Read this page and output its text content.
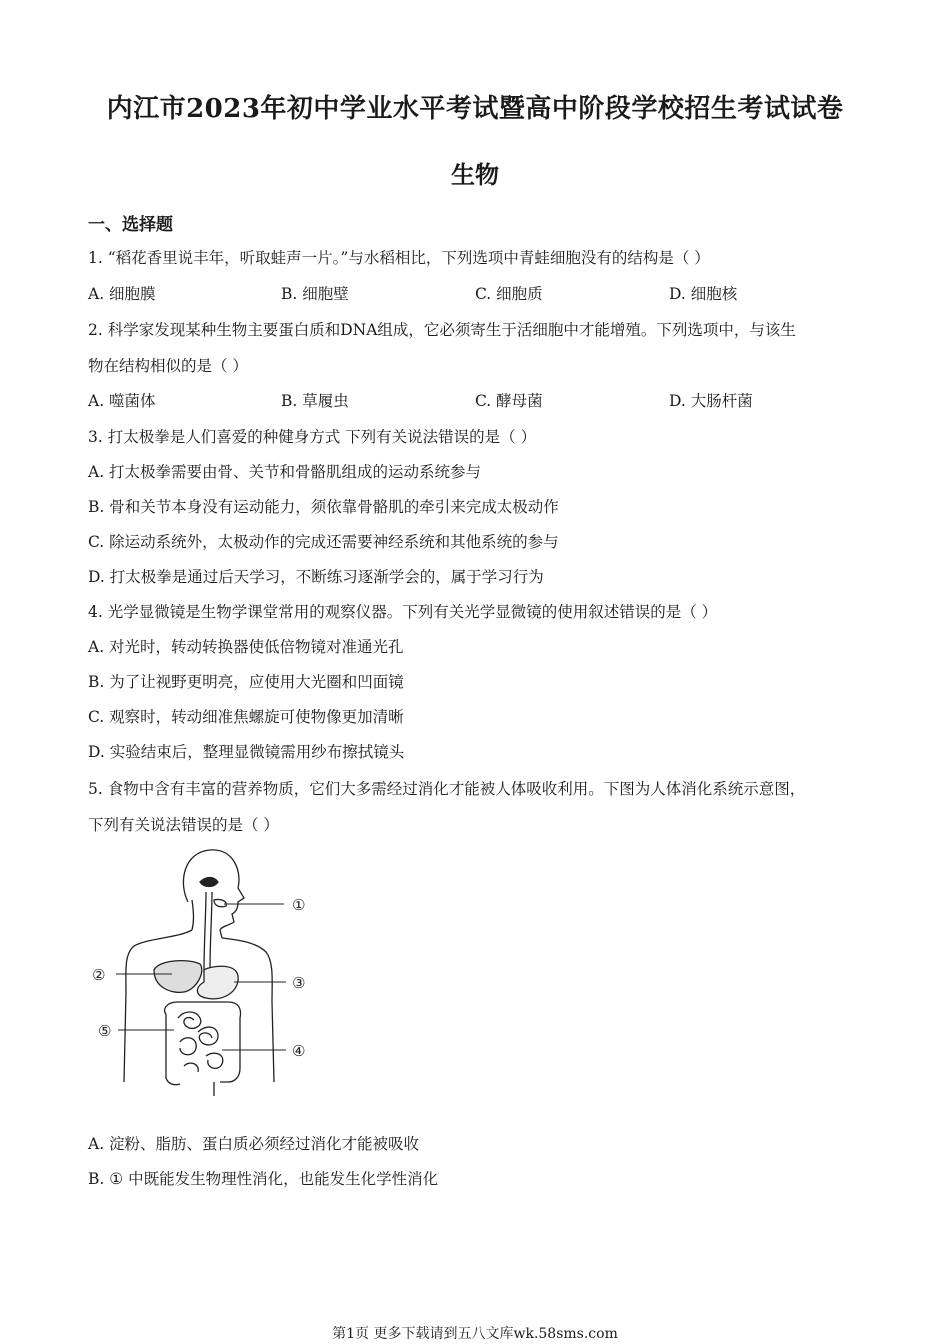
内江市2023年初中学业水平考试暨高中阶段学校招生考试试卷
生物
一、选择题
1. “稻花香里说丰年，听取蛙声一片。”与水稻相比，下列选项中青蛙细胞没有的结构是（ ）
A. 细胞膜	B. 细胞壁	C. 细胞质	D. 细胞核
2. 科学家发现某种生物主要蛋白质和DNA组成，它必须寄生于活细胞中才能增殖。下列选项中，与该生
物在结构相似的是（ ）
A. 噬菌体	B. 草履虫	C. 酵母菌	D. 大肠杆菌
3. 打太极拳是人们喜爱的种健身方式 下列有关说法错误的是（ ）
A. 打太极拳需要由骨、关节和骨骼肌组成的运动系统参与
B. 骨和关节本身没有运动能力，须依靠骨骼肌的牵引来完成太极动作
C. 除运动系统外，太极动作的完成还需要神经系统和其他系统的参与
D. 打太极拳是通过后天学习，不断练习逐渐学会的，属于学习行为
4. 光学显微镜是生物学课堂常用的观察仪器。下列有关光学显微镜的使用叙述错误的是（ ）
A. 对光时，转动转换器使低倍物镜对准通光孔
B. 为了让视野更明亮，应使用大光圈和凹面镜
C. 观察时，转动细准焦螺旋可使物像更加清晰
D. 实验结束后，整理显微镜需用纱布擦拭镜头
5. 食物中含有丰富的营养物质，它们大多需经过消化才能被人体吸收利用。下图为人体消化系统示意图，
下列有关说法错误的是（ ）
①
②	③
④
⑤
A. 淀粉、脂肪、蛋白质必须经过消化才能被吸收
B. ① 中既能发生物理性消化，也能发生化学性消化
第1页 更多下载请到五八文库wk.58sms.com
